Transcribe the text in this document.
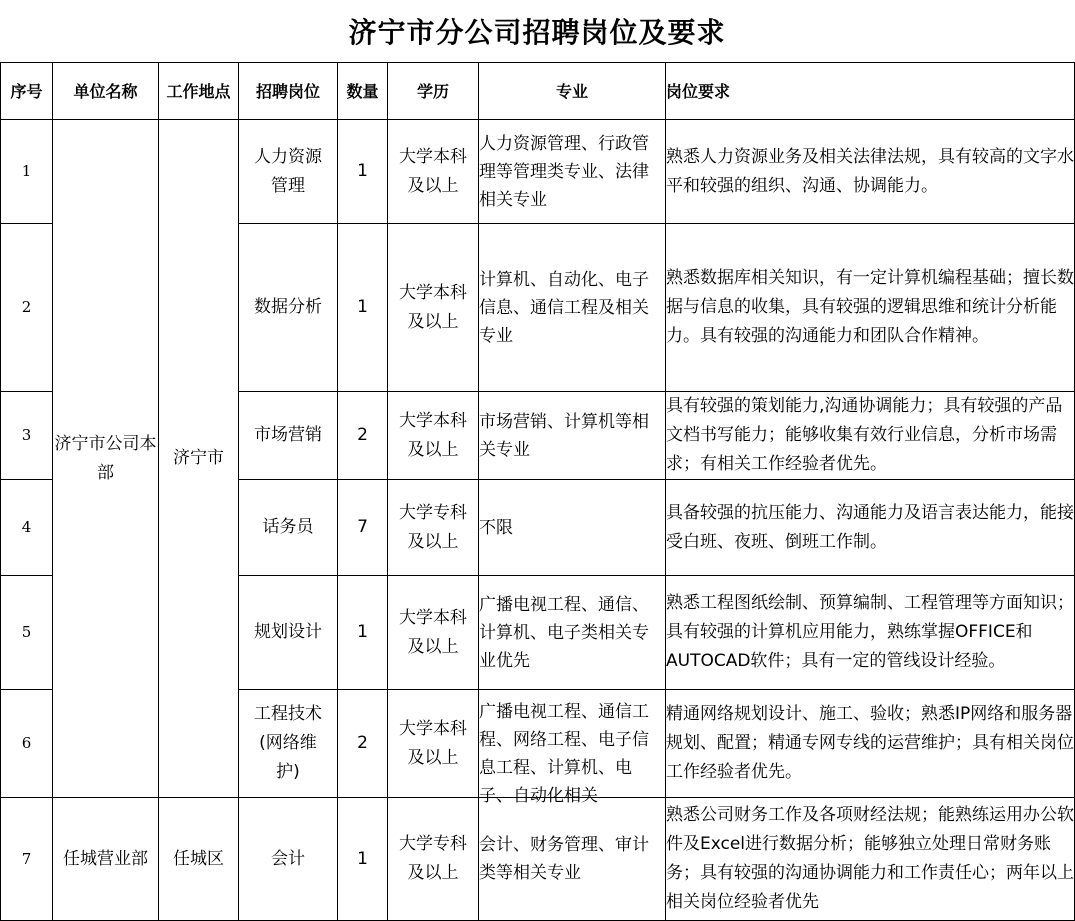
济宁市分公司招聘岗位及要求
序号	单位名称	工作地点	招聘岗位	数量	学历	专业	岗位要求
1	济宁市公司本部	济宁市	人力资源管理	1	大学本科及以上	人力资源管理、行政管理等管理类专业、法律相关专业	熟悉人力资源业务及相关法律法规，具有较高的文字水平和较强的组织、沟通、协调能力。
2			数据分析	1	大学本科及以上	计算机、自动化、电子信息、通信工程及相关专业	熟悉数据库相关知识，有一定计算机编程基础；擅长数据与信息的收集，具有较强的逻辑思维和统计分析能力。具有较强的沟通能力和团队合作精神。
3			市场营销	2	大学本科及以上	市场营销、计算机等相关专业	具有较强的策划能力,沟通协调能力；具有较强的产品文档书写能力；能够收集有效行业信息，分析市场需求；有相关工作经验者优先。
4			话务员	7	大学专科及以上	不限	具备较强的抗压能力、沟通能力及语言表达能力，能接受白班、夜班、倒班工作制。
5			规划设计	1	大学本科及以上	广播电视工程、通信、计算机、电子类相关专业优先	熟悉工程图纸绘制、预算编制、工程管理等方面知识；具有较强的计算机应用能力，熟练掌握OFFICE和AUTOCAD软件；具有一定的管线设计经验。
6			工程技术(网络维护)	2	大学本科及以上	广播电视工程、通信工程、网络工程、电子信息工程、计算机、电子、自动化相关	精通网络规划设计、施工、验收；熟悉IP网络和服务器规划、配置；精通专网专线的运营维护；具有相关岗位工作经验者优先。
7	任城营业部	任城区	会计	1	大学专科及以上	会计、财务管理、审计类等相关专业	熟悉公司财务工作及各项财经法规；能熟练运用办公软件及Excel进行数据分析；能够独立处理日常财务账务；具有较强的沟通协调能力和工作责任心；两年以上相关岗位经验者优先
